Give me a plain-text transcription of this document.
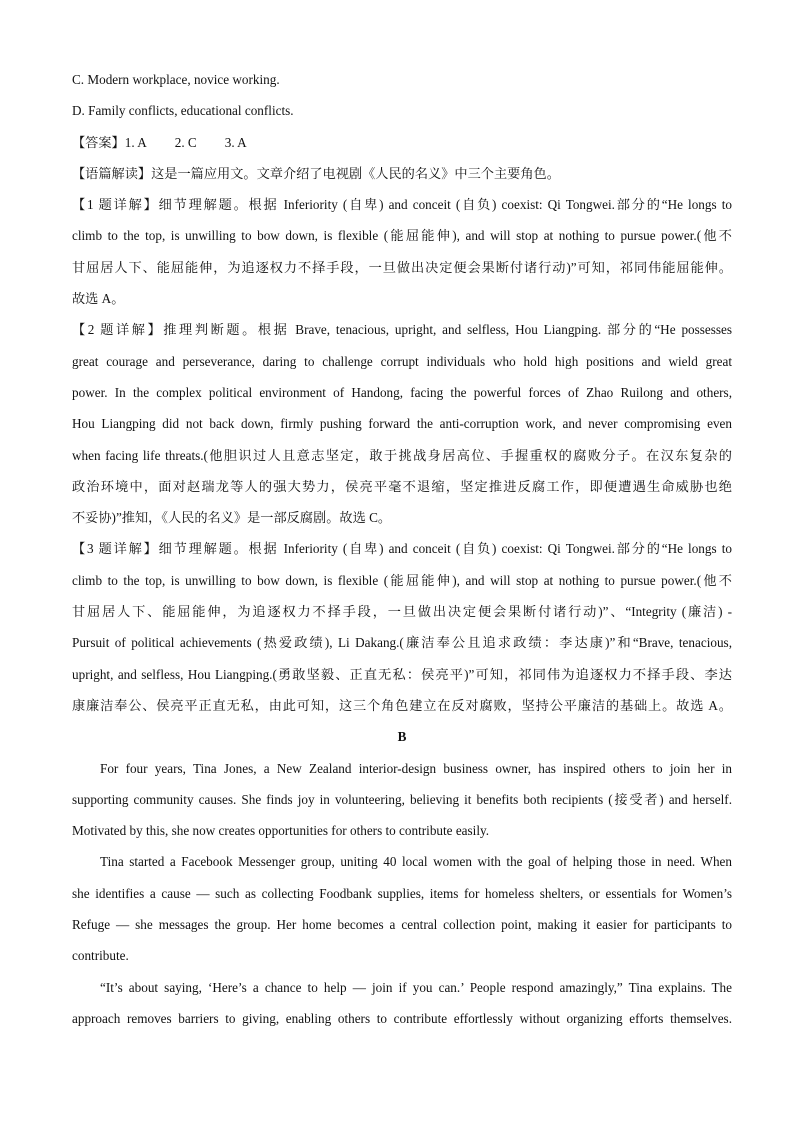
C. Modern workplace, novice working.

D. Family conflicts, educational conflicts.

【答案】1. A 2. C 3. A

【语篇解读】这是一篇应用文。文章介绍了电视剧《人民的名义》中三个主要角色。

【1 题详解】细节理解题。根据 Inferiority (自卑) and conceit (自负) coexist: Qi Tongwei.部分的“He longs to

climb to the top, is unwilling to bow down, is flexible (能屈能伸), and will stop at nothing to pursue power.(他不

甘屈居人下、能屈能伸，为追逐权力不择手段，一旦做出决定便会果断付诸行动)”可知，祁同伟能屈能伸。

故选 A。

【2 题详解】推理判断题。根据 Brave, tenacious, upright, and selfless, Hou Liangping. 部分的“He possesses

great courage and perseverance, daring to challenge corrupt individuals who hold high positions and wield great

power. In the complex political environment of Handong, facing the powerful forces of Zhao Ruilong and others,

Hou Liangping did not back down, firmly pushing forward the anti-corruption work, and never compromising even

when facing life threats.(他胆识过人且意志坚定，敢于挑战身居高位、手握重权的腐败分子。在汉东复杂的

政治环境中，面对赵瑞龙等人的强大势力，侯亮平毫不退缩，坚定推进反腐工作，即便遭遇生命威胁也绝

不妥协)”推知，《人民的名义》是一部反腐剧。故选 C。

【3 题详解】细节理解题。根据 Inferiority (自卑) and conceit (自负) coexist: Qi Tongwei.部分的“He longs to

climb to the top, is unwilling to bow down, is flexible (能屈能伸), and will stop at nothing to pursue power.(他不

甘屈居人下、能屈能伸，为追逐权力不择手段，一旦做出决定便会果断付诸行动)”、“Integrity (廉洁) -

Pursuit of political achievements (热爱政绩), Li Dakang.(廉洁奉公且追求政绩：李达康)”和“Brave, tenacious,

upright, and selfless, Hou Liangping.(勇敢坚毅、正直无私：侯亮平)”可知，祁同伟为追逐权力不择手段、李达

康廉洁奉公、侯亮平正直无私，由此可知，这三个角色建立在反对腐败，坚持公平廉洁的基础上。故选 A。

B

For four years, Tina Jones, a New Zealand interior-design business owner, has inspired others to join her in

supporting community causes. She finds joy in volunteering, believing it benefits both recipients (接受者) and herself.

Motivated by this, she now creates opportunities for others to contribute easily.

Tina started a Facebook Messenger group, uniting 40 local women with the goal of helping those in need. When

she identifies a cause — such as collecting Foodbank supplies, items for homeless shelters, or essentials for Women’s

Refuge — she messages the group. Her home becomes a central collection point, making it easier for participants to

contribute.

“It’s about saying, ‘Here’s a chance to help — join if you can.’ People respond amazingly,” Tina explains. The

approach removes barriers to giving, enabling others to contribute effortlessly without organizing efforts themselves.
